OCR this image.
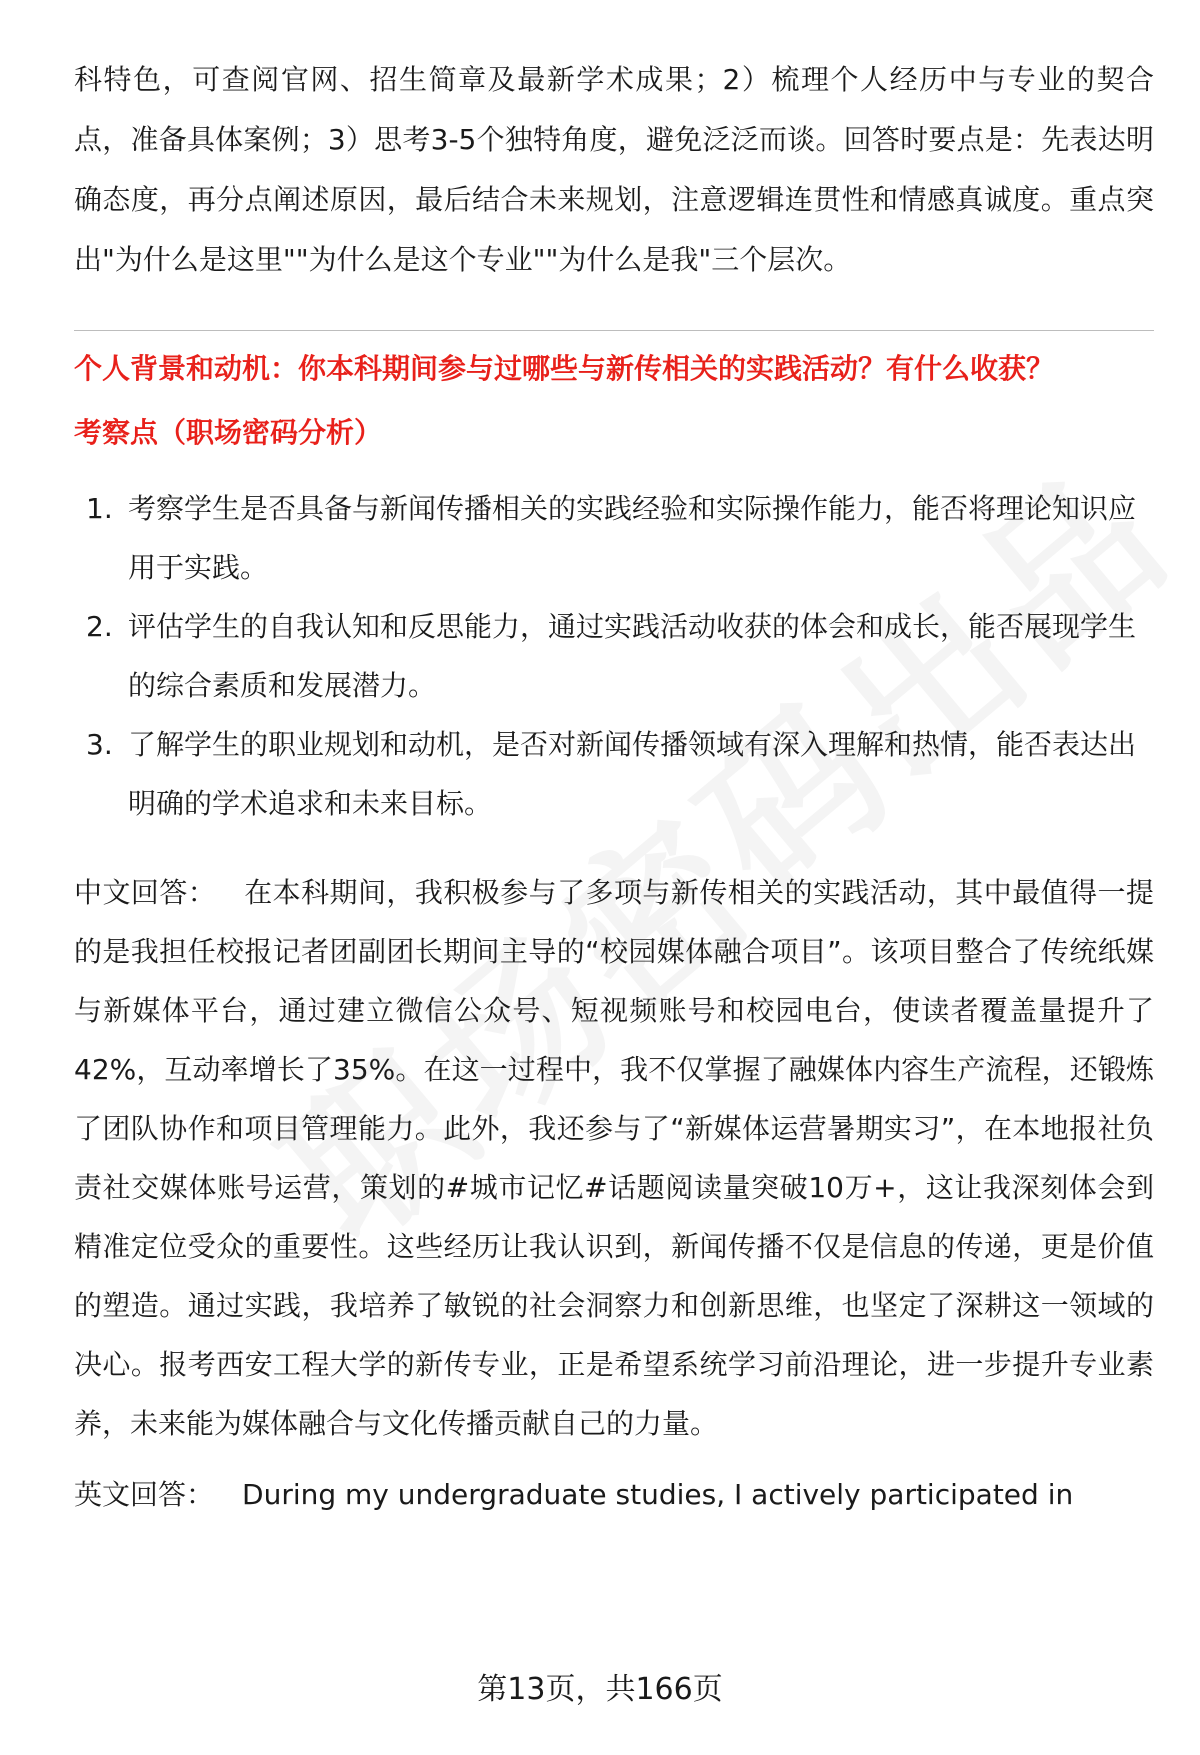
科特色，可查阅官网、招生简章及最新学术成果；2）梳理个人经历中与专业的契合点，准备具体案例；3）思考3-5个独特角度，避免泛泛而谈。回答时要点是：先表达明确态度，再分点阐述原因，最后结合未来规划，注意逻辑连贯性和情感真诚度。重点突出"为什么是这里""为什么是这个专业""为什么是我"三个层次。

个人背景和动机：你本科期间参与过哪些与新传相关的实践活动？有什么收获？
考察点（职场密码分析）
1. 考察学生是否具备与新闻传播相关的实践经验和实际操作能力，能否将理论知识应用于实践。
2. 评估学生的自我认知和反思能力，通过实践活动收获的体会和成长，能否展现学生的综合素质和发展潜力。
3. 了解学生的职业规划和动机，是否对新闻传播领域有深入理解和热情，能否表达出明确的学术追求和未来目标。

中文回答： 在本科期间，我积极参与了多项与新传相关的实践活动，其中最值得一提的是我担任校报记者团副团长期间主导的“校园媒体融合项目”。该项目整合了传统纸媒与新媒体平台，通过建立微信公众号、短视频账号和校园电台，使读者覆盖量提升了42%，互动率增长了35%。在这一过程中，我不仅掌握了融媒体内容生产流程，还锻炼了团队协作和项目管理能力。此外，我还参与了“新媒体运营暑期实习”，在本地报社负责社交媒体账号运营，策划的#城市记忆#话题阅读量突破10万+，这让我深刻体会到精准定位受众的重要性。这些经历让我认识到，新闻传播不仅是信息的传递，更是价值的塑造。通过实践，我培养了敏锐的社会洞察力和创新思维，也坚定了深耕这一领域的决心。报考西安工程大学的新传专业，正是希望系统学习前沿理论，进一步提升专业素养，未来能为媒体融合与文化传播贡献自己的力量。

英文回答： During my undergraduate studies, I actively participated in

第13页，共166页
